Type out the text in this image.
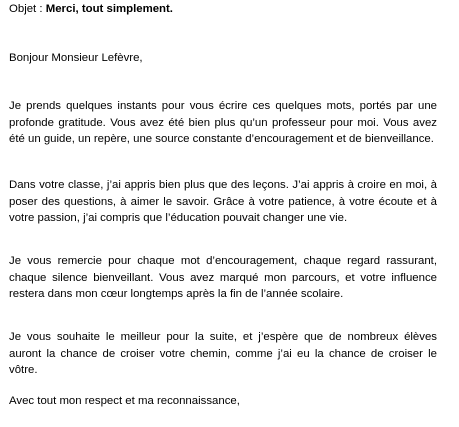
Objet : Merci, tout simplement.
Bonjour Monsieur Lefèvre,
Je prends quelques instants pour vous écrire ces quelques mots, portés par une profonde gratitude. Vous avez été bien plus qu’un professeur pour moi. Vous avez été un guide, un repère, une source constante d’encouragement et de bienveillance.
Dans votre classe, j’ai appris bien plus que des leçons. J’ai appris à croire en moi, à poser des questions, à aimer le savoir. Grâce à votre patience, à votre écoute et à votre passion, j’ai compris que l’éducation pouvait changer une vie.
Je vous remercie pour chaque mot d’encouragement, chaque regard rassurant, chaque silence bienveillant. Vous avez marqué mon parcours, et votre influence restera dans mon cœur longtemps après la fin de l’année scolaire.
Je vous souhaite le meilleur pour la suite, et j’espère que de nombreux élèves auront la chance de croiser votre chemin, comme j’ai eu la chance de croiser le vôtre.
Avec tout mon respect et ma reconnaissance,
